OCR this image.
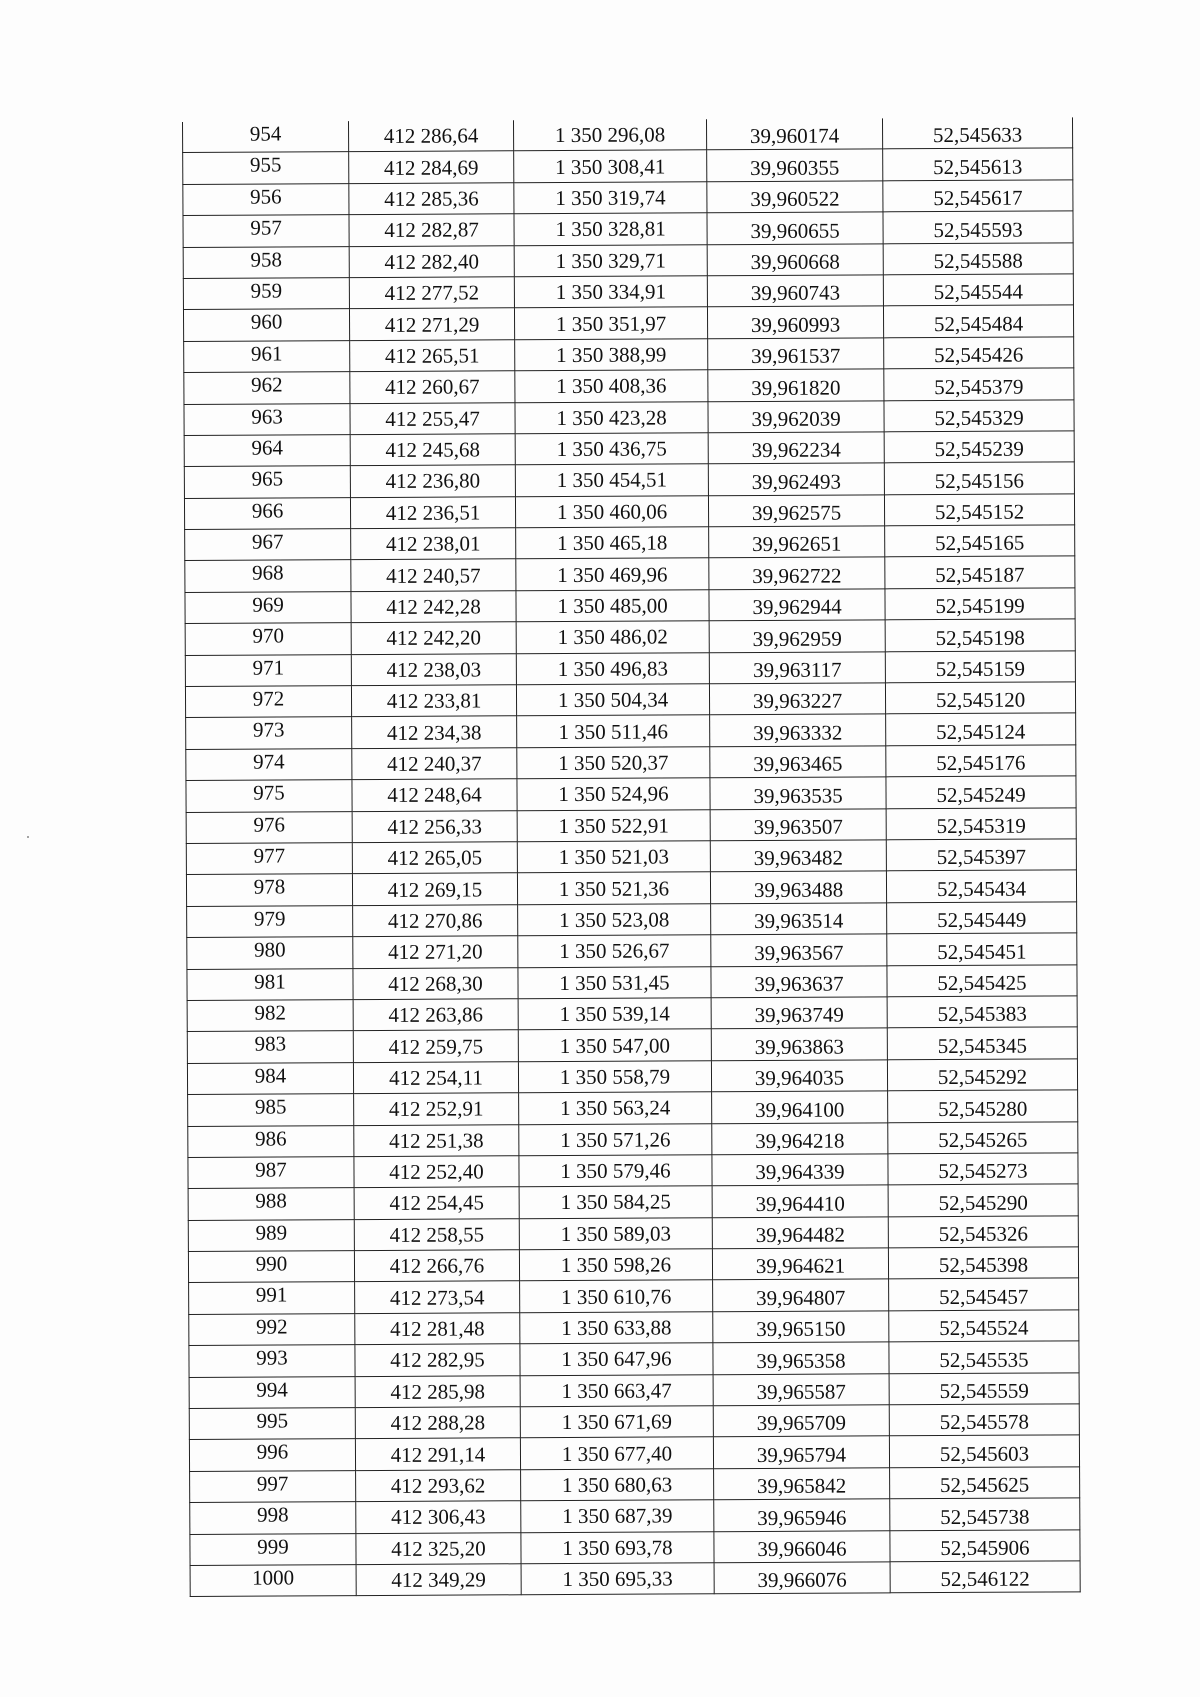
954	412 286,64	1 350 296,08	39,960174	52,545633
955	412 284,69	1 350 308,41	39,960355	52,545613
956	412 285,36	1 350 319,74	39,960522	52,545617
957	412 282,87	1 350 328,81	39,960655	52,545593
958	412 282,40	1 350 329,71	39,960668	52,545588
959	412 277,52	1 350 334,91	39,960743	52,545544
960	412 271,29	1 350 351,97	39,960993	52,545484
961	412 265,51	1 350 388,99	39,961537	52,545426
962	412 260,67	1 350 408,36	39,961820	52,545379
963	412 255,47	1 350 423,28	39,962039	52,545329
964	412 245,68	1 350 436,75	39,962234	52,545239
965	412 236,80	1 350 454,51	39,962493	52,545156
966	412 236,51	1 350 460,06	39,962575	52,545152
967	412 238,01	1 350 465,18	39,962651	52,545165
968	412 240,57	1 350 469,96	39,962722	52,545187
969	412 242,28	1 350 485,00	39,962944	52,545199
970	412 242,20	1 350 486,02	39,962959	52,545198
971	412 238,03	1 350 496,83	39,963117	52,545159
972	412 233,81	1 350 504,34	39,963227	52,545120
973	412 234,38	1 350 511,46	39,963332	52,545124
974	412 240,37	1 350 520,37	39,963465	52,545176
975	412 248,64	1 350 524,96	39,963535	52,545249
976	412 256,33	1 350 522,91	39,963507	52,545319
977	412 265,05	1 350 521,03	39,963482	52,545397
978	412 269,15	1 350 521,36	39,963488	52,545434
979	412 270,86	1 350 523,08	39,963514	52,545449
980	412 271,20	1 350 526,67	39,963567	52,545451
981	412 268,30	1 350 531,45	39,963637	52,545425
982	412 263,86	1 350 539,14	39,963749	52,545383
983	412 259,75	1 350 547,00	39,963863	52,545345
984	412 254,11	1 350 558,79	39,964035	52,545292
985	412 252,91	1 350 563,24	39,964100	52,545280
986	412 251,38	1 350 571,26	39,964218	52,545265
987	412 252,40	1 350 579,46	39,964339	52,545273
988	412 254,45	1 350 584,25	39,964410	52,545290
989	412 258,55	1 350 589,03	39,964482	52,545326
990	412 266,76	1 350 598,26	39,964621	52,545398
991	412 273,54	1 350 610,76	39,964807	52,545457
992	412 281,48	1 350 633,88	39,965150	52,545524
993	412 282,95	1 350 647,96	39,965358	52,545535
994	412 285,98	1 350 663,47	39,965587	52,545559
995	412 288,28	1 350 671,69	39,965709	52,545578
996	412 291,14	1 350 677,40	39,965794	52,545603
997	412 293,62	1 350 680,63	39,965842	52,545625
998	412 306,43	1 350 687,39	39,965946	52,545738
999	412 325,20	1 350 693,78	39,966046	52,545906
1000	412 349,29	1 350 695,33	39,966076	52,546122
